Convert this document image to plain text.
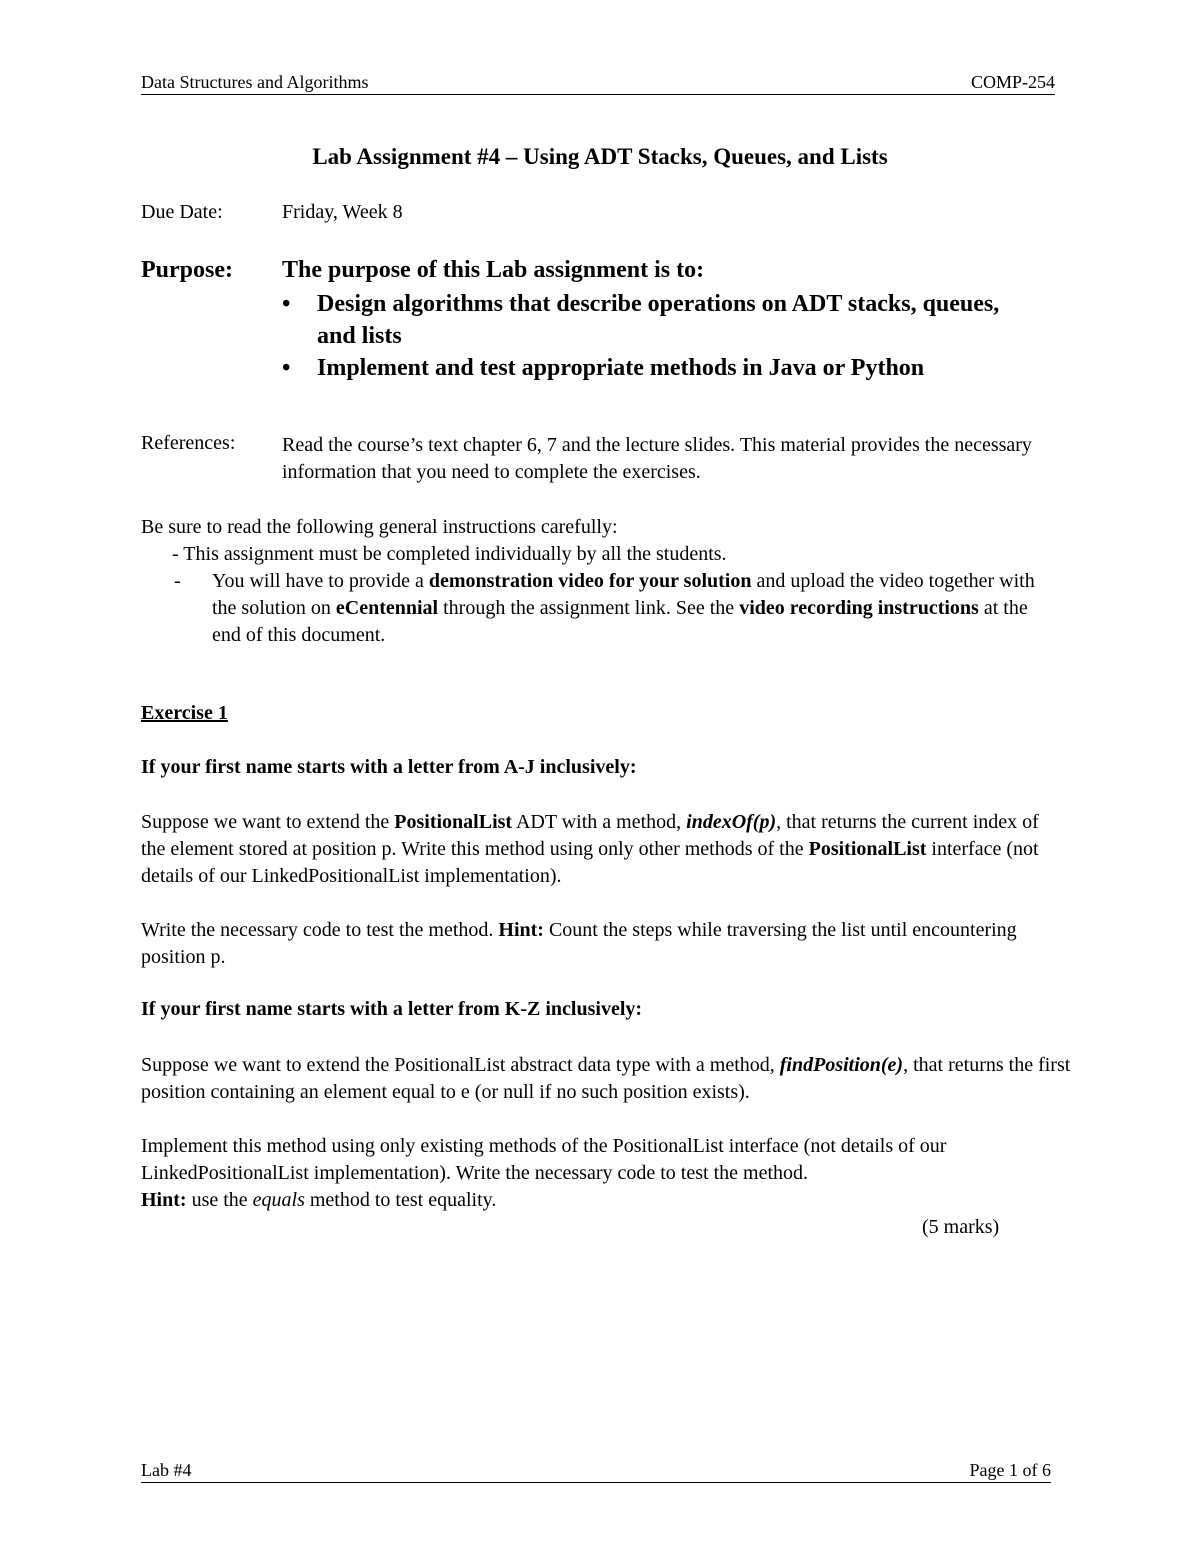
Data Structures and Algorithms	COMP-254
Lab Assignment #4 – Using ADT Stacks, Queues, and Lists
Due Date:	Friday, Week 8
Purpose: The purpose of this Lab assignment is to:
• Design algorithms that describe operations on ADT stacks, queues, and lists
• Implement and test appropriate methods in Java or Python
References: Read the course’s text chapter 6, 7 and the lecture slides. This material provides the necessary information that you need to complete the exercises.
Be sure to read the following general instructions carefully:
- This assignment must be completed individually by all the students.
- You will have to provide a demonstration video for your solution and upload the video together with the solution on eCentennial through the assignment link. See the video recording instructions at the end of this document.
Exercise 1
If your first name starts with a letter from A-J inclusively:
Suppose we want to extend the PositionalList ADT with a method, indexOf(p), that returns the current index of the element stored at position p. Write this method using only other methods of the PositionalList interface (not details of our LinkedPositionalList implementation).
Write the necessary code to test the method. Hint: Count the steps while traversing the list until encountering position p.
If your first name starts with a letter from K-Z inclusively:
Suppose we want to extend the PositionalList abstract data type with a method, findPosition(e), that returns the first position containing an element equal to e (or null if no such position exists).
Implement this method using only existing methods of the PositionalList interface (not details of our LinkedPositionalList implementation). Write the necessary code to test the method.
Hint: use the equals method to test equality.
(5 marks)
Lab #4	Page 1 of 6
